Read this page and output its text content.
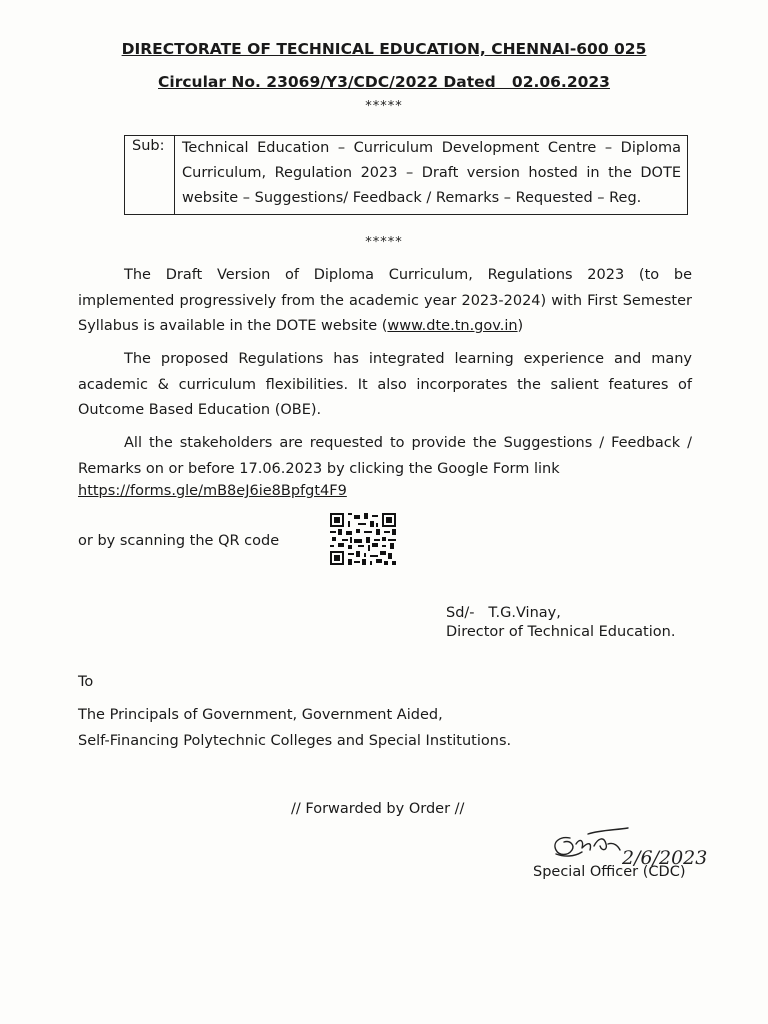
DIRECTORATE OF TECHNICAL EDUCATION, CHENNAI-600 025
Circular No. 23069/Y3/CDC/2022 Dated   02.06.2023
*****
Sub:	Technical Education – Curriculum Development Centre – Diploma Curriculum, Regulation 2023 – Draft version hosted in the DOTE website – Suggestions/ Feedback / Remarks – Requested – Reg.
*****
The Draft Version of Diploma Curriculum, Regulations 2023 (to be implemented progressively from the academic year 2023-2024) with First Semester Syllabus is available in the DOTE website (www.dte.tn.gov.in)
The proposed Regulations has integrated learning experience and many academic & curriculum flexibilities. It also incorporates the salient features of Outcome Based Education (OBE).
All the stakeholders are requested to provide the Suggestions / Feedback / Remarks on or before 17.06.2023 by clicking the Google Form link
https://forms.gle/mB8eJ6ie8Bpfgt4F9
or by scanning the QR code
Sd/- T.G.Vinay,
Director of Technical Education.
To
The Principals of Government, Government Aided,
Self-Financing Polytechnic Colleges and Special Institutions.
// Forwarded by Order //
2/6/2023
Special Officer (CDC)
